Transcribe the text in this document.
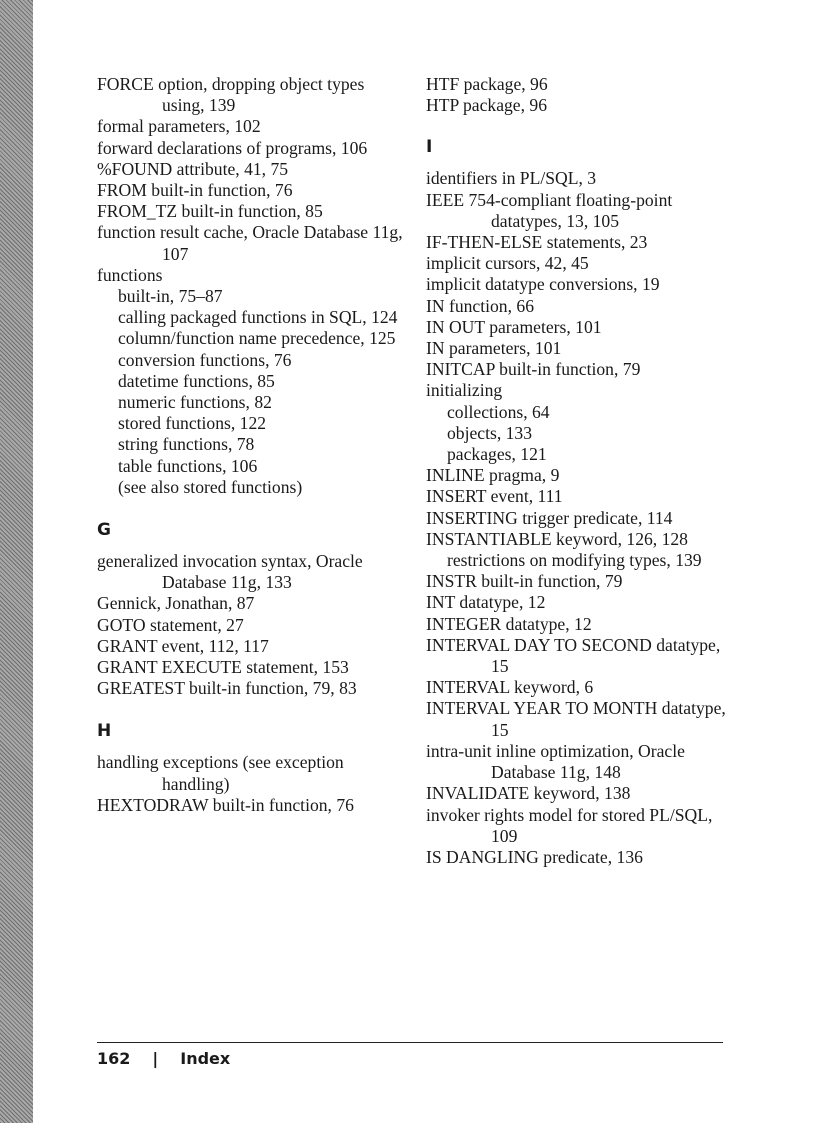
FORCE option, dropping object types using, 139
formal parameters, 102
forward declarations of programs, 106
%FOUND attribute, 41, 75
FROM built-in function, 76
FROM_TZ built-in function, 85
function result cache, Oracle Database 11g, 107
functions
built-in, 75–87
calling packaged functions in SQL, 124
column/function name precedence, 125
conversion functions, 76
datetime functions, 85
numeric functions, 82
stored functions, 122
string functions, 78
table functions, 106
(see also stored functions)
G
generalized invocation syntax, Oracle Database 11g, 133
Gennick, Jonathan, 87
GOTO statement, 27
GRANT event, 112, 117
GRANT EXECUTE statement, 153
GREATEST built-in function, 79, 83
H
handling exceptions (see exception handling)
HEXTODRAW built-in function, 76
HTF package, 96
HTP package, 96
I
identifiers in PL/SQL, 3
IEEE 754-compliant floating-point datatypes, 13, 105
IF-THEN-ELSE statements, 23
implicit cursors, 42, 45
implicit datatype conversions, 19
IN function, 66
IN OUT parameters, 101
IN parameters, 101
INITCAP built-in function, 79
initializing
collections, 64
objects, 133
packages, 121
INLINE pragma, 9
INSERT event, 111
INSERTING trigger predicate, 114
INSTANTIABLE keyword, 126, 128
restrictions on modifying types, 139
INSTR built-in function, 79
INT datatype, 12
INTEGER datatype, 12
INTERVAL DAY TO SECOND datatype, 15
INTERVAL keyword, 6
INTERVAL YEAR TO MONTH datatype, 15
intra-unit inline optimization, Oracle Database 11g, 148
INVALIDATE keyword, 138
invoker rights model for stored PL/SQL, 109
IS DANGLING predicate, 136
162 | Index
